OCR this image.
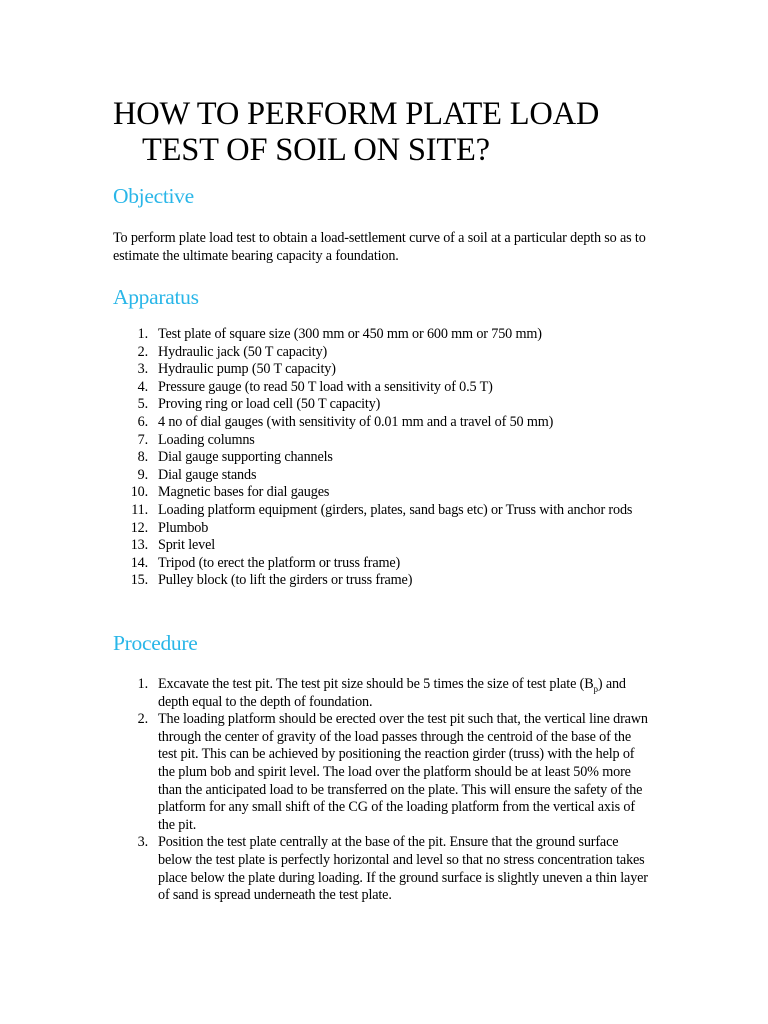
HOW TO PERFORM PLATE LOAD
TEST OF SOIL ON SITE?
Objective

To perform plate load test to obtain a load-settlement curve of a soil at a particular depth so as to estimate the ultimate bearing capacity a foundation.

Apparatus
1. Test plate of square size (300 mm or 450 mm or 600 mm or 750 mm)
2. Hydraulic jack (50 T capacity)
3. Hydraulic pump (50 T capacity)
4. Pressure gauge (to read 50 T load with a sensitivity of 0.5 T)
5. Proving ring or load cell (50 T capacity)
6. 4 no of dial gauges (with sensitivity of 0.01 mm and a travel of 50 mm)
7. Loading columns
8. Dial gauge supporting channels
9. Dial gauge stands
10. Magnetic bases for dial gauges
11. Loading platform equipment (girders, plates, sand bags etc) or Truss with anchor rods
12. Plumbob
13. Sprit level
14. Tripod (to erect the platform or truss frame)
15. Pulley block (to lift the girders or truss frame)
Procedure
1. Excavate the test pit. The test pit size should be 5 times the size of test plate $(B_p)$ and depth equal to the depth of foundation.
2. The loading platform should be erected over the test pit such that, the vertical line drawn through the center of gravity of the load passes through the centroid of the base of the test pit. This can be achieved by positioning the reaction girder (truss) with the help of the plum bob and spirit level. The load over the platform should be at least 50% more than the anticipated load to be transferred on the plate. This will ensure the safety of the platform for any small shift of the CG of the loading platform from the vertical axis of the pit.
3. Position the test plate centrally at the base of the pit. Ensure that the ground surface below the test plate is perfectly horizontal and level so that no stress concentration takes place below the plate during loading. If the ground surface is slightly uneven a thin layer of sand is spread underneath the test plate.
